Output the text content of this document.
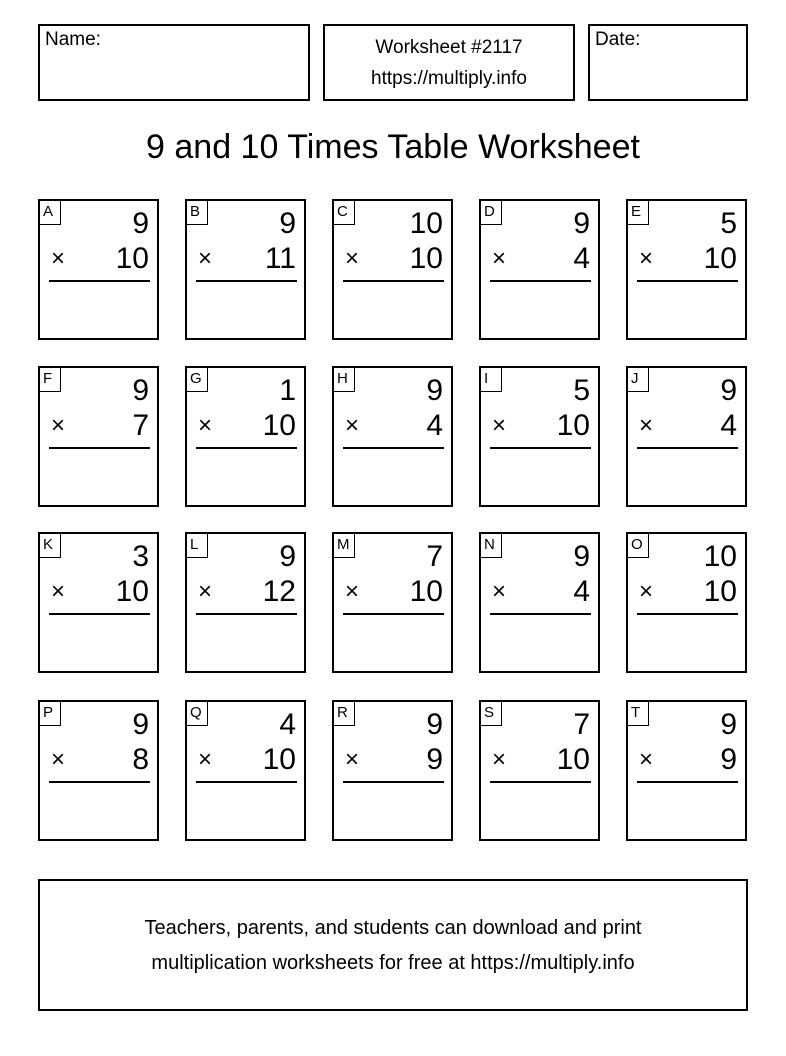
Name:	Worksheet #2117
https://multiply.info
Date:
9 and 10 Times Table Worksheet
A	9
× 10
B	9
× 11
C 10
× 10
D	9
× 4
E	5
× 10
F	9
× 7
G	1
× 10
H	9
× 4
I	5
× 10
J	9
× 4
K	3
× 10
L	9
× 12
M	7
× 10
N	9
× 4
O 10
× 10
P	9
× 8
Q	4
× 10
R	9
× 9
S	7
× 10
T	9
× 9
Teachers, parents, and students can download and print
multiplication worksheets for free at https://multiply.info
